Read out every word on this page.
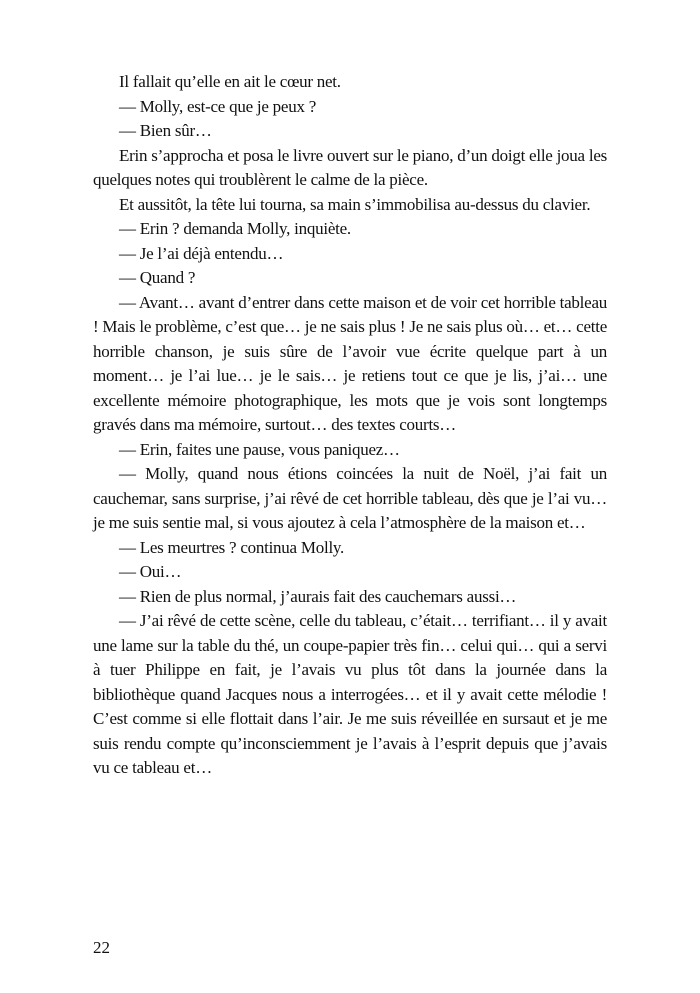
Il fallait qu’elle en ait le cœur net.

— Molly, est-ce que je peux ?

— Bien sûr…

Erin s’approcha et posa le livre ouvert sur le piano, d’un doigt elle joua les quelques notes qui troublèrent le calme de la pièce.

Et aussitôt, la tête lui tourna, sa main s’immobilisa au-dessus du clavier.

— Erin ? demanda Molly, inquiète.

— Je l’ai déjà entendu…

— Quand ?

— Avant… avant d’entrer dans cette maison et de voir cet horrible tableau ! Mais le problème, c’est que… je ne sais plus ! Je ne sais plus où… et… cette horrible chanson, je suis sûre de l’avoir vue écrite quelque part à un moment… je l’ai lue… je le sais… je retiens tout ce que je lis, j’ai… une excellente mémoire photographique, les mots que je vois sont longtemps gravés dans ma mémoire, surtout… des textes courts…

— Erin, faites une pause, vous paniquez…

— Molly, quand nous étions coincées la nuit de Noël, j’ai fait un cauchemar, sans surprise, j’ai rêvé de cet horrible tableau, dès que je l’ai vu… je me suis sentie mal, si vous ajoutez à cela l’atmosphère de la maison et…

— Les meurtres ? continua Molly.

— Oui…

— Rien de plus normal, j’aurais fait des cauchemars aussi…

— J’ai rêvé de cette scène, celle du tableau, c’était… terrifiant… il y avait une lame sur la table du thé, un coupe-papier très fin… celui qui… qui a servi à tuer Philippe en fait, je l’avais vu plus tôt dans la journée dans la bibliothèque quand Jacques nous a interrogées… et il y avait cette mélodie ! C’est comme si elle flottait dans l’air. Je me suis réveillée en sursaut et je me suis rendu compte qu’inconsciemment je l’avais à l’esprit depuis que j’avais vu ce tableau et…

22
